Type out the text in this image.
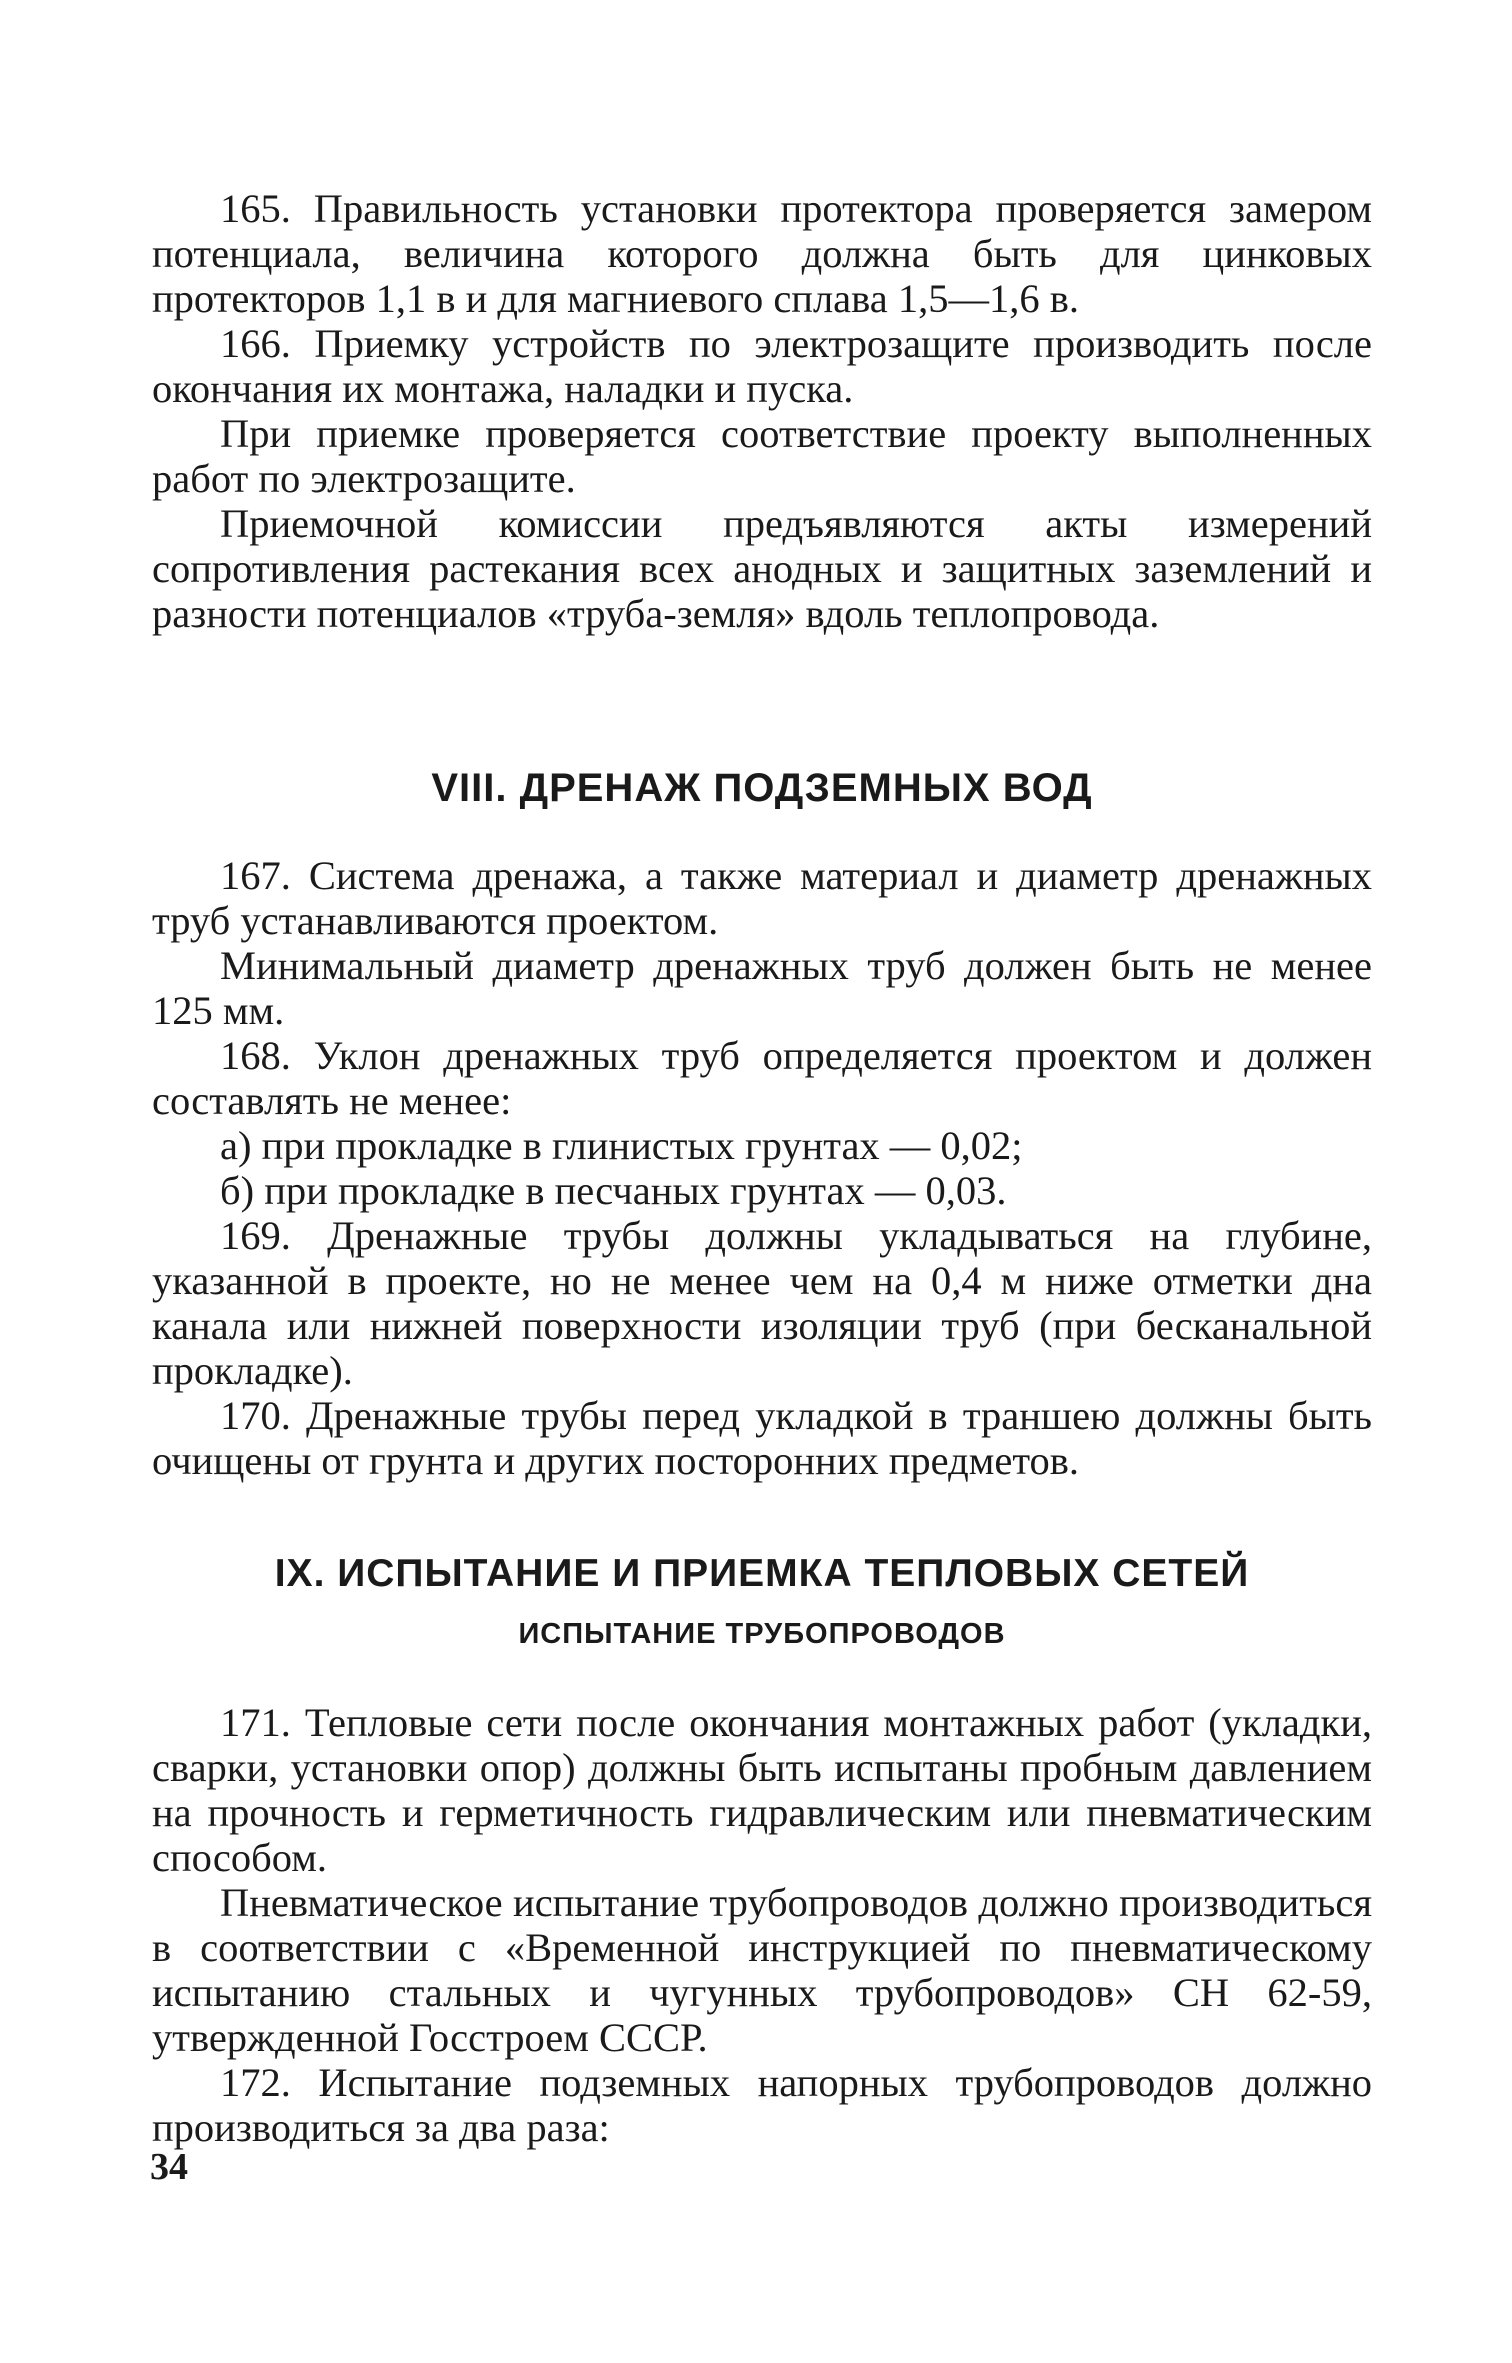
165. Правильность установки протектора проверяется замером потенциала, величина которого должна быть для цинковых протекторов 1,1 в и для магниевого сплава 1,5—1,6 в.

166. Приемку устройств по электрозащите производить после окончания их монтажа, наладки и пуска.

При приемке проверяется соответствие проекту выполненных работ по электрозащите.

Приемочной комиссии предъявляются акты измерений сопротивления растекания всех анодных и защитных заземлений и разности потенциалов «труба-земля» вдоль теплопровода.

VIII. ДРЕНАЖ ПОДЗЕМНЫХ ВОД

167. Система дренажа, а также материал и диаметр дренажных труб устанавливаются проектом.

Минимальный диаметр дренажных труб должен быть не менее 125 мм.

168. Уклон дренажных труб определяется проектом и должен составлять не менее:

а) при прокладке в глинистых грунтах — 0,02;

б) при прокладке в песчаных грунтах — 0,03.

169. Дренажные трубы должны укладываться на глубине, указанной в проекте, но не менее чем на 0,4 м ниже отметки дна канала или нижней поверхности изоляции труб (при бесканальной прокладке).

170. Дренажные трубы перед укладкой в траншею должны быть очищены от грунта и других посторонних предметов.

IX. ИСПЫТАНИЕ И ПРИЕМКА ТЕПЛОВЫХ СЕТЕЙ
ИСПЫТАНИЕ ТРУБОПРОВОДОВ

171. Тепловые сети после окончания монтажных работ (укладки, сварки, установки опор) должны быть испытаны пробным давлением на прочность и герметичность гидравлическим или пневматическим способом.

Пневматическое испытание трубопроводов должно производиться в соответствии с «Временной инструкцией по пневматическому испытанию стальных и чугунных трубопроводов» СН 62-59, утвержденной Госстроем СССР.

172. Испытание подземных напорных трубопроводов должно производиться за два раза:

34
